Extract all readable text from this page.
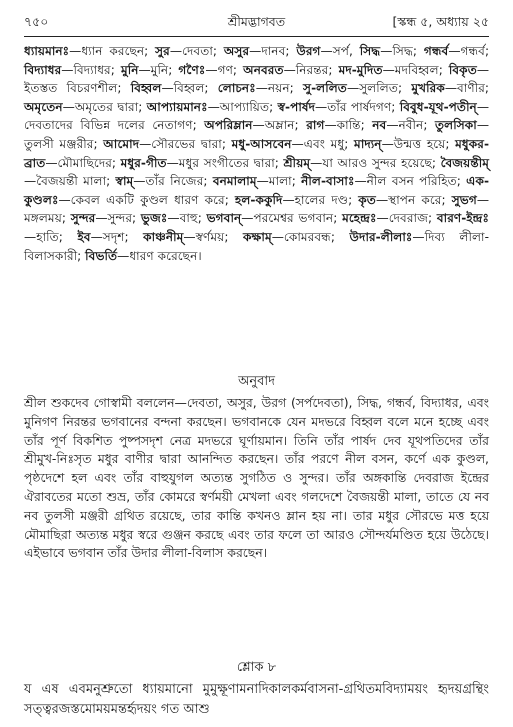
৭৫০	শ্রীমদ্ভাগবত	[স্কন্ধ ৫, অধ্যায় ২৫
ধ্যায়মানঃ—ধ্যান করছেন; সুর—দেবতা; অসুর—দানব; উরগ—সর্প, সিদ্ধ—সিদ্ধ; গন্ধর্ব—গন্ধর্ব; বিদ্যাধর—বিদ্যাধর; মুনি—মুনি; গণৈঃ—গণ; অনবরত—নিরন্তর; মদ-মুদিত—মদবিহ্বল; বিকৃত—ইতস্তত বিচরণশীল; বিহ্বল—বিহ্বল; লোচনঃ—নয়ন; সু-ললিত—সুললিত; মুখরিক—বাণীর; অমৃতেন—অমৃতের দ্বারা; আপ্যায়মানঃ—আপ্যায়িত; স্ব-পার্ষদ—তাঁর পার্ষদগণ; বিবুধ-যূথ-পতীন্—দেবতাদের বিভিন্ন দলের নেতাগণ; অপরিম্লান—অম্লান; রাগ—কান্তি; নব—নবীন; তুলসিকা—তুলসী মঞ্জরীর; আমোদ—সৌরভের দ্বারা; মধু-আসবেন—এবং মধু; মাদ্যন্—উন্মত্ত হয়ে; মধুকর-ব্রাত—মৌমাছিদের; মধুর-গীত—মধুর সংগীতের দ্বারা; শ্রীয়ম্—যা আরও সুন্দর হয়েছে; বৈজয়ন্তীম্—বৈজয়ন্তী মালা; স্বাম্—তাঁর নিজের; বনমালাম্—মালা; নীল-বাসাঃ—নীল বসন পরিহিত; এক-কুণ্ডলঃ—কেবল একটি কুণ্ডল ধারণ করে; হল-ককুদি—হালের দণ্ড; কৃত—স্থাপন করে; সুভগ—মঙ্গলময়; সুন্দর—সুন্দর; ভুজঃ—বাহু; ভগবান্—পরমেশ্বর ভগবান; মহেন্দ্রঃ—দেবরাজ; বারণ-ইন্দ্রঃ—হাতি; ইব—সদৃশ; কাঞ্চনীম্—স্বর্ণময়; কক্ষাম্—কোমরবন্ধ; উদার-লীলাঃ—দিব্য লীলা-বিলাসকারী; বিভর্তি—ধারণ করেছেন।
অনুবাদ
শ্রীল শুকদেব গোস্বামী বললেন—দেবতা, অসুর, উরগ (সর্পদেবতা), সিদ্ধ, গন্ধর্ব, বিদ্যাধর, এবং মুনিগণ নিরন্তর ভগবানের বন্দনা করছেন। ভগবানকে যেন মদভরে বিহ্বল বলে মনে হচ্ছে এবং তাঁর পূর্ণ বিকশিত পুষ্পসদৃশ নেত্র মদভরে ঘূর্ণায়মান। তিনি তাঁর পার্ষদ দেব যূথপতিদের তাঁর শ্রীমুখ-নিঃসৃত মধুর বাণীর দ্বারা আনন্দিত করছেন। তাঁর পরণে নীল বসন, কর্ণে এক কুণ্ডল, পৃষ্ঠদেশে হল এবং তাঁর বাহুযুগল অত্যন্ত সুগঠিত ও সুন্দর। তাঁর অঙ্গকান্তি দেবরাজ ইন্দ্রের ঐরাবতের মতো শুভ্র, তাঁর কোমরে স্বর্ণময়ী মেখলা এবং গলদেশে বৈজয়ন্তী মালা, তাতে যে নব নব তুলসী মঞ্জরী গ্রথিত রয়েছে, তার কান্তি কখনও ম্লান হয় না। তার মধুর সৌরভে মত্ত হয়ে মৌমাছিরা অত্যন্ত মধুর স্বরে গুঞ্জন করছে এবং তার ফলে তা আরও সৌন্দর্যমণ্ডিত হয়ে উঠেছে। এইভাবে ভগবান তাঁর উদার লীলা-বিলাস করছেন।
শ্লোক ৮
য এষ এবমনুশ্রুতো ধ্যায়মানো মুমুক্ষূণামনাদিকালকর্মবাসনা-গ্রথিতমবিদ্যাময়ং হৃদয়গ্রন্থিং সত্ত্বরজস্তমোময়মন্তর্হৃদয়ং গত আশু
